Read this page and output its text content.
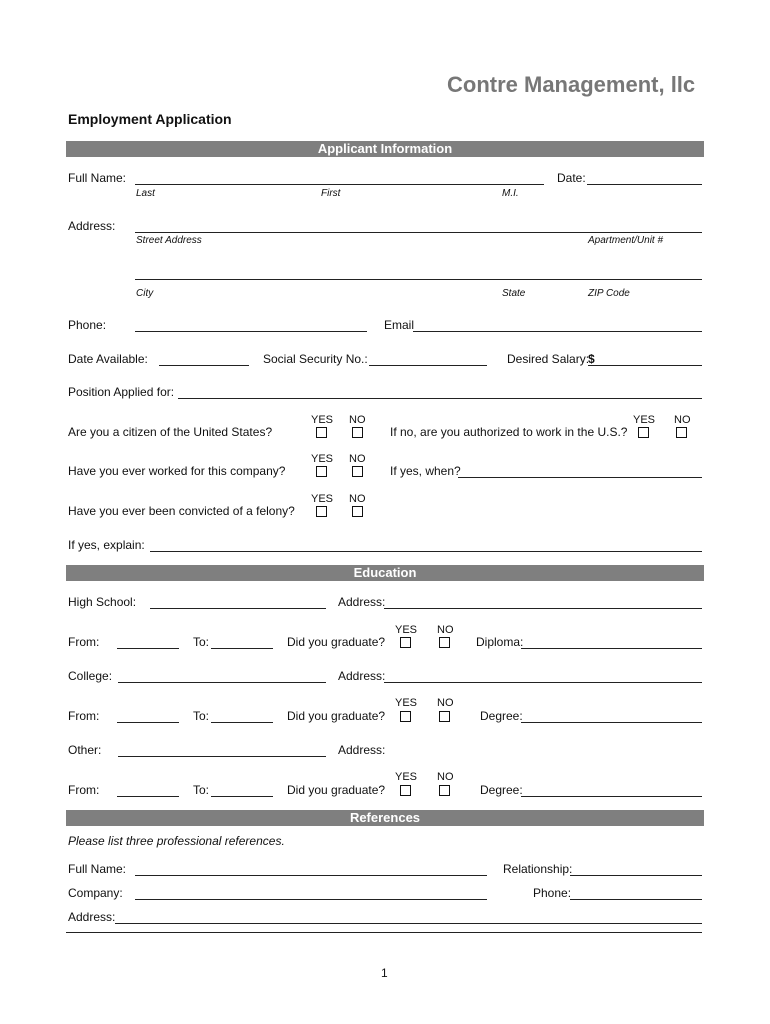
Contre Management, llc
Employment Application
Applicant Information
Full Name:	Date:
Last	First	M.I.
Address:
Street Address	Apartment/Unit #
City	State	ZIP Code
Phone:	Email
Date Available:	Social Security No.:	Desired Salary:
$
Position Applied for:
YES NO
Are you a citizen of the United States?
YES NO
If no, are you authorized to work in the U.S.?
YES NO
Have you ever worked for this company?	If yes, when?
YES NO
Have you ever been convicted of a felony?
If yes, explain:
Education
High School:	Address:
YES NO
From:	To:	Did you graduate?	Diploma:
College:	Address:
YES NO
From:	To:	Did you graduate?	Degree:
Other:	Address:
YES NO
From:	To:	Did you graduate?	Degree:
References
Please list three professional references.
Full Name:	Relationship:
Company:	Phone:
Address:
1
